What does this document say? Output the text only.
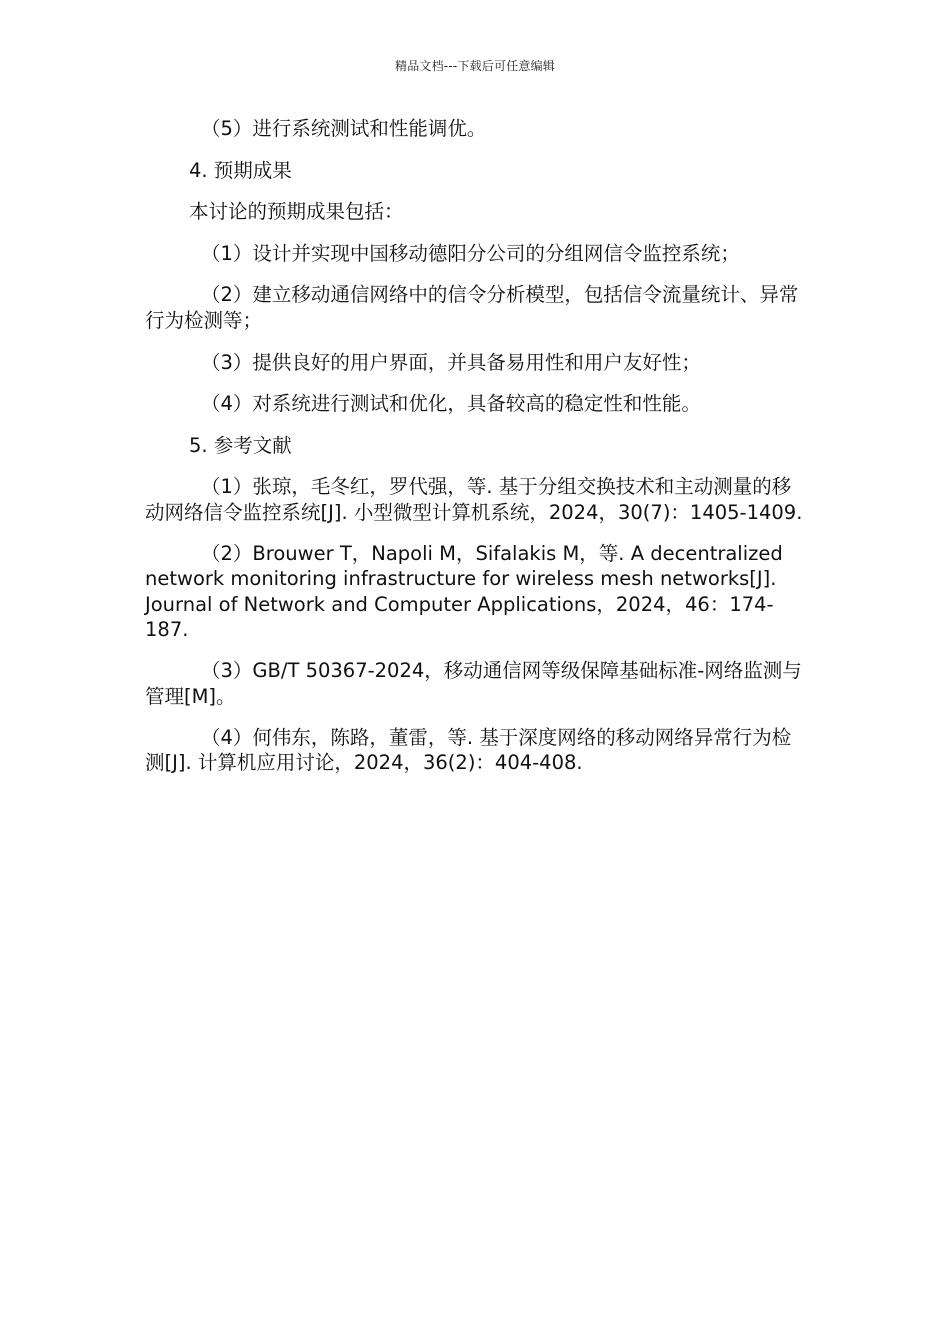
精品文档---下载后可任意编辑

（5）进行系统测试和性能调优。

4. 预期成果

本讨论的预期成果包括：

（1）设计并实现中国移动德阳分公司的分组网信令监控系统；

（2）建立移动通信网络中的信令分析模型，包括信令流量统计、异常行为检测等；

（3）提供良好的用户界面，并具备易用性和用户友好性；

（4）对系统进行测试和优化，具备较高的稳定性和性能。

5. 参考文献

（1）张琼，毛冬红，罗代强，等. 基于分组交换技术和主动测量的移动网络信令监控系统[J]. 小型微型计算机系统，2024，30(7)：1405-1409.

（2）Brouwer T，Napoli M，Sifalakis M，等. A decentralized network monitoring infrastructure for wireless mesh networks[J]. Journal of Network and Computer Applications，2024，46：174-187.

（3）GB/T 50367-2024，移动通信网等级保障基础标准-网络监测与管理[M]。

（4）何伟东，陈路，董雷，等. 基于深度网络的移动网络异常行为检测[J]. 计算机应用讨论，2024，36(2)：404-408.
